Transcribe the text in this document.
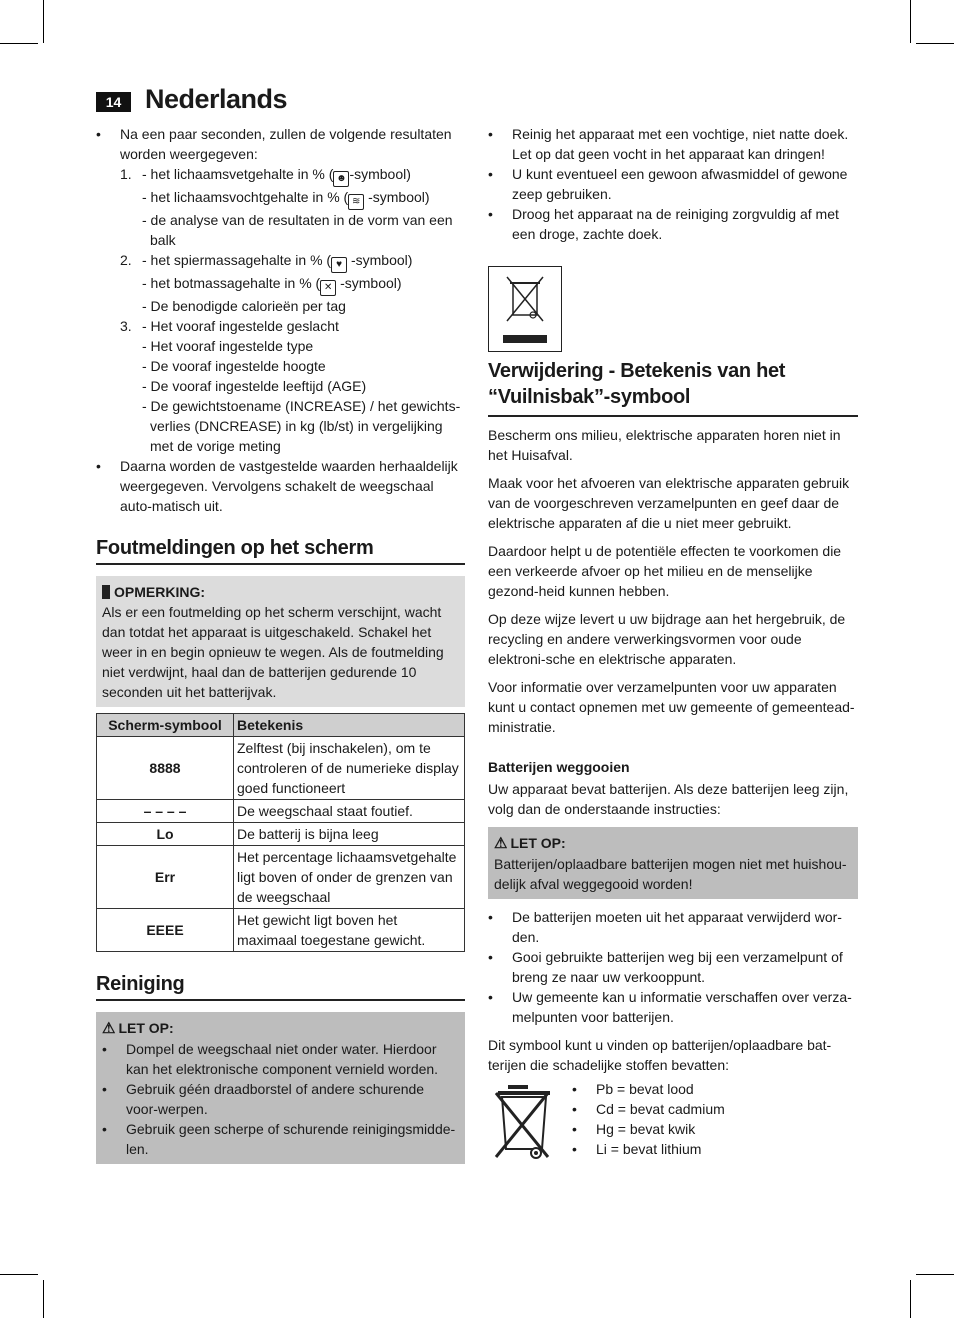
14 Nederlands
• Na een paar seconden, zullen de volgende resultaten worden weergegeven:
1. - het lichaamsvetgehalte in % ( ☻ -symbool)

- het lichaamsvochtgehalte in % ( ≋ -symbool)

- de analyse van de resultaten in de vorm van een balk

2. - het spiermassagehalte in % ( ♥ -symbool)

- het botmassagehalte in % ( ✕ -symbool)

- De benodigde calorieën per tag

3. - Het vooraf ingestelde geslacht

- Het vooraf ingestelde type

- De vooraf ingestelde hoogte

- De vooraf ingestelde leeftijd (AGE)

- De gewichtstoename (INCREASE) / het gewichts-verlies (DNCREASE) in kg (lb/st) in vergelijking met de vorige meting

• Daarna worden de vastgestelde waarden herhaaldelijk weergegeven. Vervolgens schakelt de weegschaal auto-matisch uit.
Foutmeldingen op het scherm
OPMERKING:
Als er een foutmelding op het scherm verschijnt, wacht dan totdat het apparaat is uitgeschakeld. Schakel het weer in en begin opnieuw te wegen. Als de foutmelding niet verdwijnt, haal dan de batterijen gedurende 10 seconden uit het batterijvak.
Scherm-symbool	Betekenis
8888	Zelftest (bij inschakelen), om te controleren of de numerieke display goed functioneert
– – – –	De weegschaal staat foutief.
Lo	De batterij is bijna leeg
Err	Het percentage lichaamsvetgehalte ligt boven of onder de grenzen van de weegschaal
EEEE	Het gewicht ligt boven het maximaal toegestane gewicht.
Reiniging
⚠ LET OP:
• Dompel de weegschaal niet onder water. Hierdoor kan het elektronische component vernield worden.
• Gebruik géén draadborstel of andere schurende voor-werpen.
• Gebruik geen scherpe of schurende reinigingsmidde-len.
• Reinig het apparaat met een vochtige, niet natte doek. Let op dat geen vocht in het apparaat kan dringen!
• U kunt eventueel een gewoon afwasmiddel of gewone zeep gebruiken.
• Droog het apparaat na de reiniging zorgvuldig af met een droge, zachte doek.
Verwijdering - Betekenis van het “Vuilnisbak”-symbool

Bescherm ons milieu, elektrische apparaten horen niet in het Huisafval.

Maak voor het afvoeren van elektrische apparaten gebruik van de voorgeschreven verzamelpunten en geef daar de elektrische apparaten af die u niet meer gebruikt.

Daardoor helpt u de potentiële effecten te voorkomen die een verkeerde afvoer op het milieu en de menselijke gezond-heid kunnen hebben.

Op deze wijze levert u uw bijdrage aan het hergebruik, de recycling en andere verwerkingsvormen voor oude elektroni-sche en elektrische apparaten.

Voor informatie over verzamelpunten voor uw apparaten kunt u contact opnemen met uw gemeente of gemeentead-ministratie.

Batterijen weggooien

Uw apparaat bevat batterijen. Als deze batterijen leeg zijn, volg dan de onderstaande instructies:

⚠ LET OP:
Batterijen/oplaadbare batterijen mogen niet met huishou-delijk afval weggegooid worden!
• De batterijen moeten uit het apparaat verwijderd wor-den.
• Gooi gebruikte batterijen weg bij een verzamelpunt of breng ze naar uw verkooppunt.
• Uw gemeente kan u informatie verschaffen over verza-melpunten voor batterijen.

Dit symbool kunt u vinden op batterijen/oplaadbare bat-terijen die schadelijke stoffen bevatten:

• Pb = bevat lood
• Cd = bevat cadmium
• Hg = bevat kwik
• Li = bevat lithium
